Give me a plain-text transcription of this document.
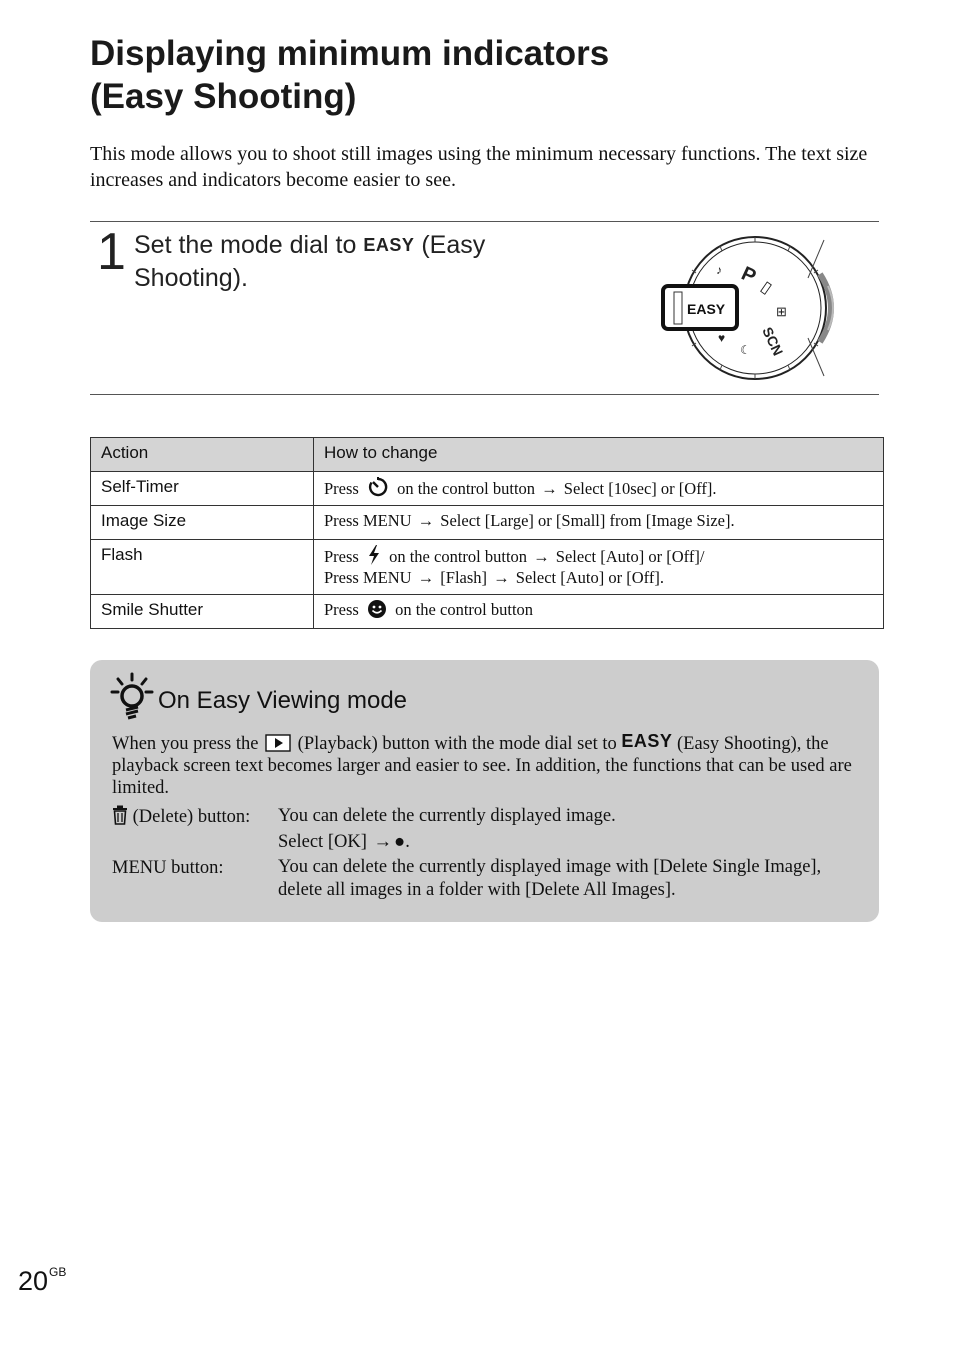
Displaying minimum indicators
(Easy Shooting)

This mode allows you to shoot still images using the minimum necessary functions. The text size increases and indicators become easier to see.

1 Set the mode dial to EASY (Easy Shooting).	P
▯
⊞
SCN
♪
♥
☾
EASY
Action	How to change
Self-Timer	Press on the control button → Select [10sec] or [Off].
Image Size	Press MENU → Select [Large] or [Small] from [Image Size].
Flash	Press on the control button → Select [Auto] or [Off]/
Press MENU → [Flash] → Select [Auto] or [Off].
Smile Shutter	Press on the control button
On Easy Viewing mode

When you press the (Playback) button with the mode dial set to EASY (Easy Shooting), the playback screen text becomes larger and easier to see. In addition, the functions that can be used are limited.

(Delete) button:	You can delete the currently displayed image.
Select [OK] → ●.
MENU button:	You can delete the currently displayed image with [Delete Single Image], delete all images in a folder with [Delete All Images].
$20^{GB}$
